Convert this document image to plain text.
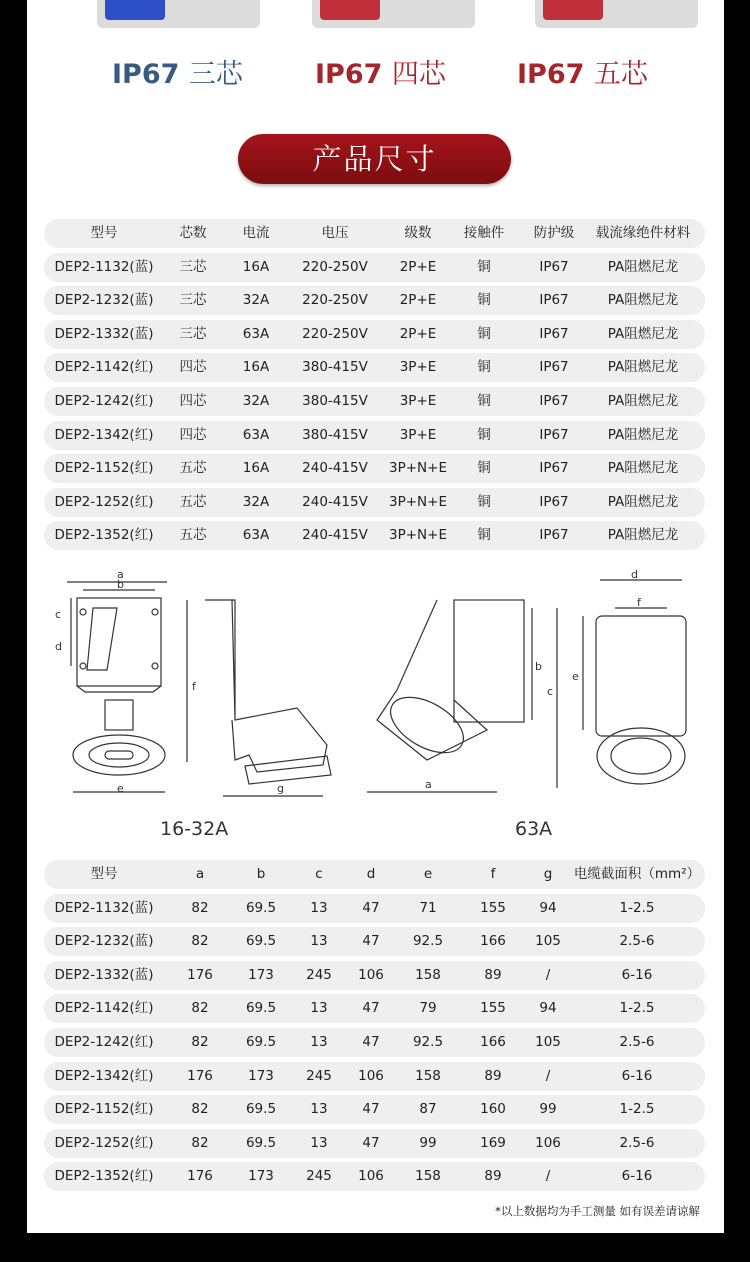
IP67 三芯	IP67 四芯	IP67 五芯
产品尺寸
型号	芯数	电流	电压	级数 接触件 防护级 载流缘绝件材料
DEP2-1132(蓝) 三芯	16A 220-250V 2P+E	铜	IP67	PA阻燃尼龙
DEP2-1232(蓝) 三芯	32A 220-250V 2P+E	铜	IP67	PA阻燃尼龙
DEP2-1332(蓝) 三芯	63A 220-250V 2P+E	铜	IP67	PA阻燃尼龙
DEP2-1142(红) 四芯	16A 380-415V 3P+E	铜	IP67	PA阻燃尼龙
DEP2-1242(红) 四芯	32A 380-415V 3P+E	铜	IP67	PA阻燃尼龙
DEP2-1342(红) 四芯	63A 380-415V 3P+E	铜	IP67	PA阻燃尼龙
DEP2-1152(红) 五芯	16A 240-415V 3P+N+E 铜	IP67	PA阻燃尼龙
DEP2-1252(红) 五芯	32A 240-415V 3P+N+E 铜	IP67	PA阻燃尼龙
DEP2-1352(红) 五芯	63A 240-415V 3P+N+E 铜	IP67	PA阻燃尼龙
a
b
c
d
e
f
g	a
b
c
d
e
f
16-32A	63A
型号	a	b	c	d	e	f	g 电缆截面积（mm²）
DEP2-1132(蓝)	82	69.5	13	47	71	155 94	1-2.5
DEP2-1232(蓝)	82	69.5	13	47 92.5	166 105	2.5-6
DEP2-1332(蓝) 176	173 245 106 158	89	/	6-16
DEP2-1142(红)	82	69.5	13	47	79	155 94	1-2.5
DEP2-1242(红)	82	69.5	13	47 92.5	166 105	2.5-6
DEP2-1342(红) 176	173 245 106 158	89	/	6-16
DEP2-1152(红)	82	69.5	13	47	87	160 99	1-2.5
DEP2-1252(红)	82	69.5	13	47	99	169 106	2.5-6
DEP2-1352(红) 176	173 245 106 158	89	/	6-16
*以上数据均为手工测量 如有误差请谅解
